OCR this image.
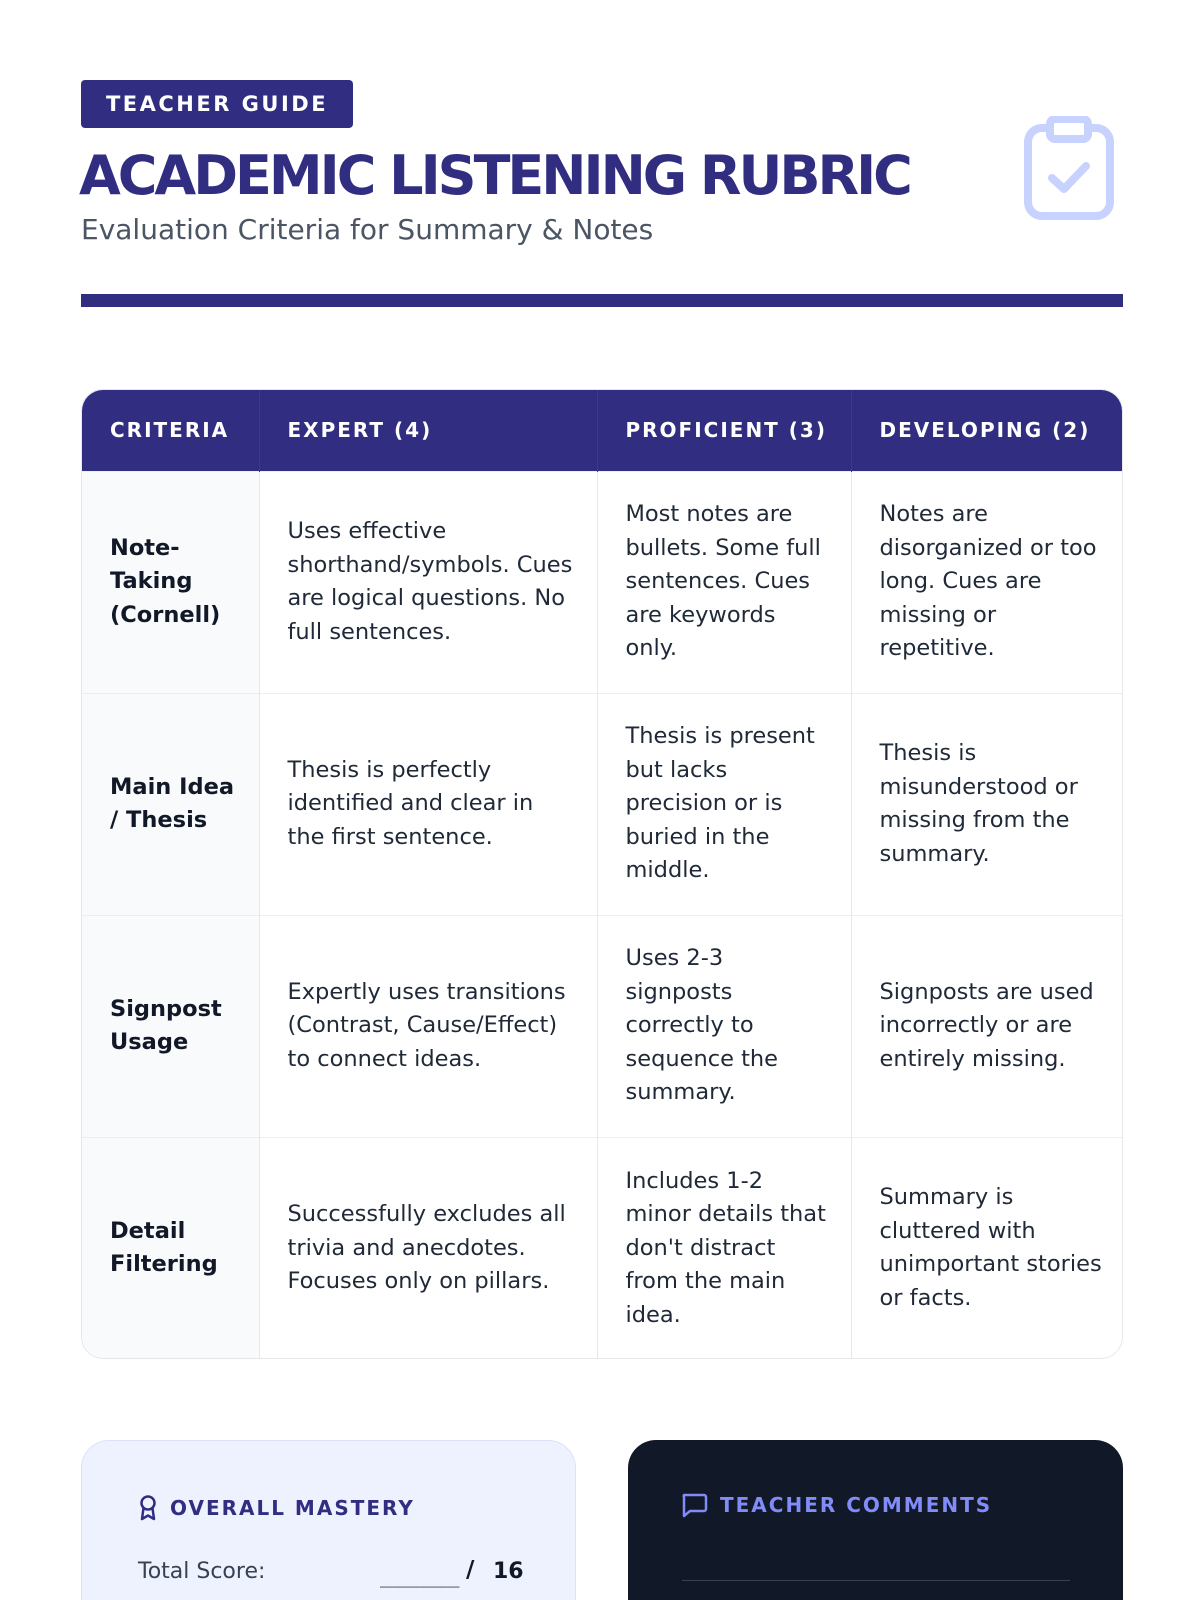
TEACHER GUIDE
ACADEMIC LISTENING RUBRIC
Evaluation Criteria for Summary & Notes
CRITERIA	EXPERT (4)	PROFICIENT (3)	DEVELOPING (2)
Note-Taking (Cornell)	Uses effective shorthand/symbols. Cues are logical questions. No full sentences.	Most notes are bullets. Some full sentences. Cues are keywords only.	Notes are disorganized or too long. Cues are missing or repetitive.
Main Idea / Thesis	Thesis is perfectly identified and clear in the first sentence.	Thesis is present but lacks precision or is buried in the middle.	Thesis is misunderstood or missing from the summary.
Signpost Usage	Expertly uses transitions (Contrast, Cause/Effect) to connect ideas.	Uses 2-3 signposts correctly to sequence the summary.	Signposts are used incorrectly or are entirely missing.
Detail Filtering	Successfully excludes all trivia and anecdotes. Focuses only on pillars.	Includes 1-2 minor details that don't distract from the main idea.	Summary is cluttered with unimportant stories or facts.
OVERALL MASTERY
Total Score:	______ / 16
TEACHER COMMENTS
